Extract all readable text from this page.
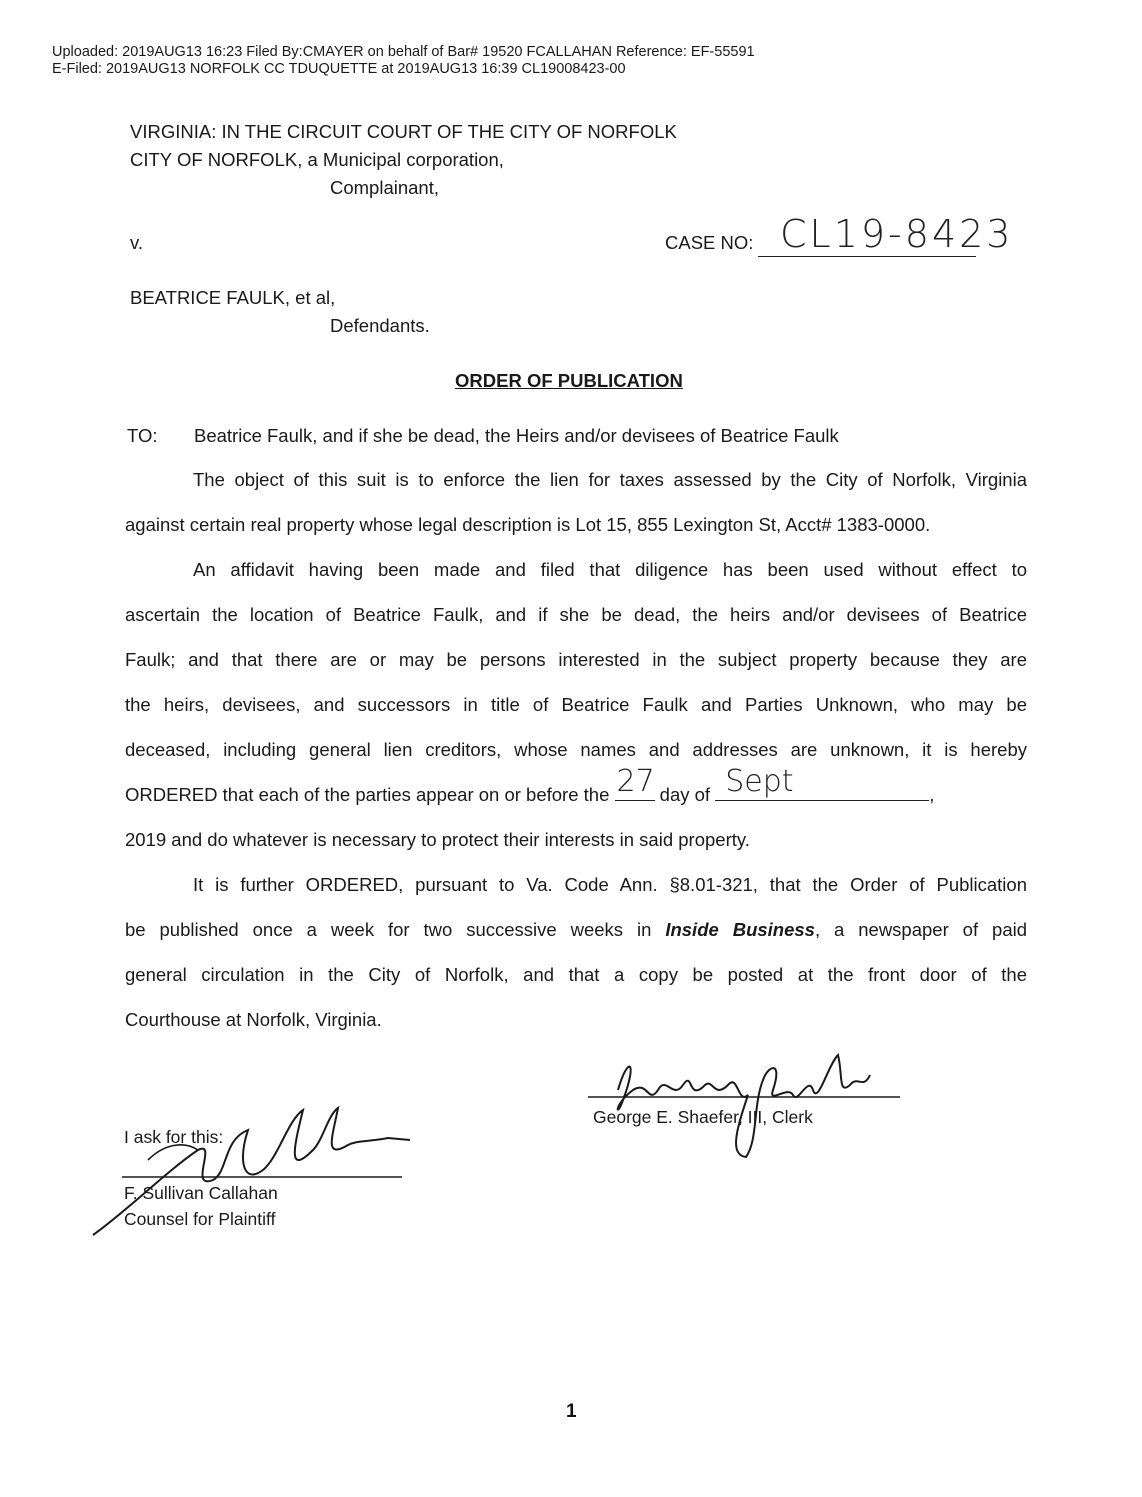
Uploaded: 2019AUG13 16:23 Filed By:CMAYER on behalf of Bar# 19520 FCALLAHAN Reference: EF-55591
E-Filed: 2019AUG13 NORFOLK CC TDUQUETTE at 2019AUG13 16:39 CL19008423-00
VIRGINIA: IN THE CIRCUIT COURT OF THE CITY OF NORFOLK
CITY OF NORFOLK, a Municipal corporation,
Complainant,
v.	CASE NO: CL19-8423
BEATRICE FAULK, et al,
Defendants.
ORDER OF PUBLICATION
TO: Beatrice Faulk, and if she be dead, the Heirs and/or devisees of Beatrice Faulk
The object of this suit is to enforce the lien for taxes assessed by the City of Norfolk, Virginia
against certain real property whose legal description is Lot 15, 855 Lexington St, Acct# 1383-0000.
An affidavit having been made and filed that diligence has been used without effect to
ascertain the location of Beatrice Faulk, and if she be dead, the heirs and/or devisees of Beatrice
Faulk; and that there are or may be persons interested in the subject property because they are
the heirs, devisees, and successors in title of Beatrice Faulk and Parties Unknown, who may be
deceased, including general lien creditors, whose names and addresses are unknown, it is hereby
ORDERED that each of the parties appear on or before the 27 day of Sept	,
2019 and do whatever is necessary to protect their interests in said property.
It is further ORDERED, pursuant to Va. Code Ann. §8.01-321, that the Order of Publication
be published once a week for two successive weeks in Inside Business, a newspaper of paid
general circulation in the City of Norfolk, and that a copy be posted at the front door of the
Courthouse at Norfolk, Virginia.
George E. Shaefer, III, Clerk
I ask for this:
F. Sullivan Callahan
Counsel for Plaintiff
1
